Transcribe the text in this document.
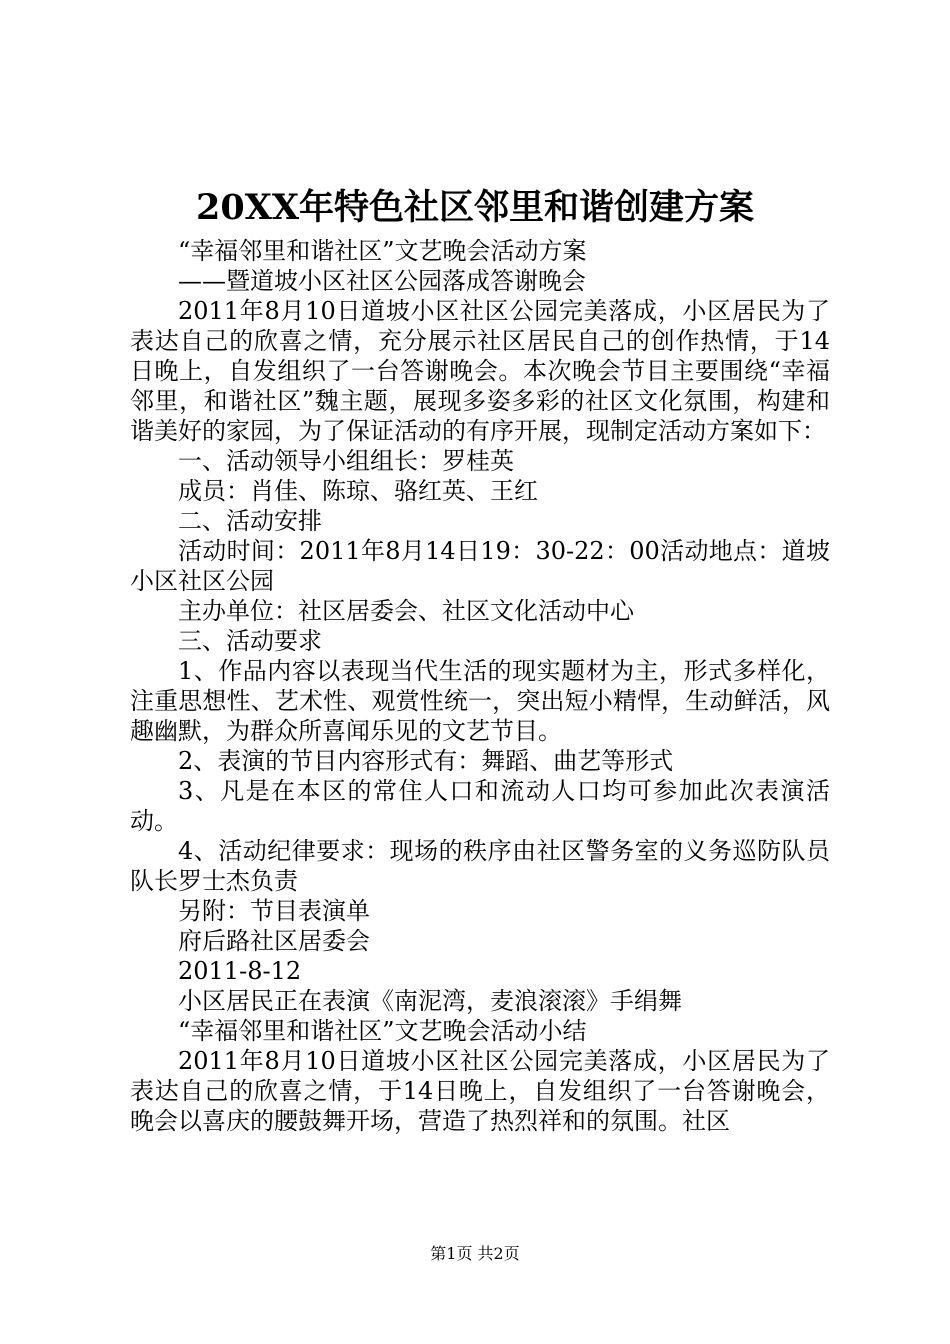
20XX年特色社区邻里和谐创建方案

“幸福邻里和谐社区”文艺晚会活动方案

——暨道坡小区社区公园落成答谢晚会

2011年8月10日道坡小区社区公园完美落成，小区居民为了表达自己的欣喜之情，充分展示社区居民自己的创作热情，于14日晚上，自发组织了一台答谢晚会。本次晚会节目主要围绕“幸福邻里，和谐社区”魏主题，展现多姿多彩的社区文化氛围，构建和谐美好的家园，为了保证活动的有序开展，现制定活动方案如下：

一、活动领导小组组长：罗桂英

成员：肖佳、陈琼、骆红英、王红

二、活动安排

活动时间：2011年8月14日19：30-22：00活动地点：道坡小区社区公园

主办单位：社区居委会、社区文化活动中心

三、活动要求

1、作品内容以表现当代生活的现实题材为主，形式多样化，注重思想性、艺术性、观赏性统一，突出短小精悍，生动鲜活，风趣幽默，为群众所喜闻乐见的文艺节目。

2、表演的节目内容形式有：舞蹈、曲艺等形式

3、凡是在本区的常住人口和流动人口均可参加此次表演活动。

4、活动纪律要求：现场的秩序由社区警务室的义务巡防队员队长罗士杰负责

另附：节目表演单

府后路社区居委会

2011-8-12

小区居民正在表演《南泥湾，麦浪滚滚》手绢舞

“幸福邻里和谐社区”文艺晚会活动小结

2011年8月10日道坡小区社区公园完美落成，小区居民为了表达自己的欣喜之情，于14日晚上，自发组织了一台答谢晚会，晚会以喜庆的腰鼓舞开场，营造了热烈祥和的氛围。社区

第1页 共2页
